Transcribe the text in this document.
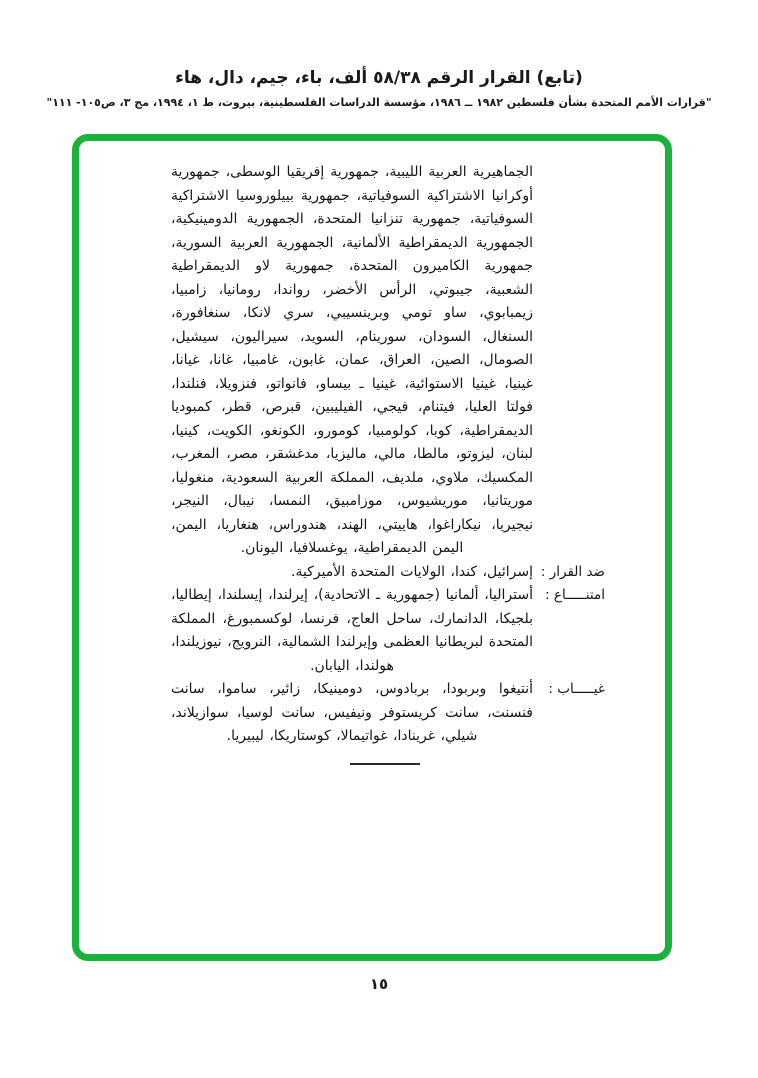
(تابع) القرار الرقم ٥٨/٣٨ ألف، باء، جيم، دال، هاء
"قرارات الأمم المتحدة بشأن فلسطين ١٩٨٢ ــ ١٩٨٦، مؤسسة الدراسات الفلسطينية، بيروت، ط ١، ١٩٩٤، مج ٣، ص١٠٥- ١١١"
الجماهيرية العربية الليبية، جمهورية إفريقيا الوسطى، جمهورية أوكرانيا الاشتراكية السوفياتية، جمهورية بييلوروسيا الاشتراكية السوفياتية، جمهورية تنزانيا المتحدة، الجمهورية الدومينيكية، الجمهورية الديمقراطية الألمانية، الجمهورية العربية السورية، جمهورية الكاميرون المتحدة، جمهورية لاو الديمقراطية الشعبية، جيبوتي، الرأس الأخضر، رواندا، رومانيا، زامبيا، زيمبابوي، ساو تومي وبرينسيبي، سري لانكا، سنغافورة، السنغال، السودان، سورينام، السويد، سيراليون، سيشيل، الصومال، الصين، العراق، عمان، غابون، غامبيا، غانا، غيانا، غينيا، غينيا الاستوائية، غينيا ـ بيساو، فانواتو، فنزويلا، فنلندا، فولتا العليا، فيتنام، فيجي، الفيليبين، قبرص، قطر، كمبوديا الديمقراطية، كوبا، كولومبيا، كومورو، الكونغو، الكويت، كينيا، لبنان، ليزوتو، مالطا، مالي، ماليزيا، مدغشقر، مصر، المغرب، المكسيك، ملاوي، ملديف، المملكة العربية السعودية، منغوليا، موريتانيا، موريشيوس، موزامبيق، النمسا، نيبال، النيجر، نيجيريا، نيكاراغوا، هاييتي، الهند، هندوراس، هنغاريا، اليمن، اليمن الديمقراطية، يوغسلافيا، اليونان.
ضد القرار :
إسرائيل، كندا، الولايات المتحدة الأميركية.
امتنـــــاع :
أستراليا، ألمانيا (جمهورية ـ الاتحادية)، إيرلندا، إيسلندا، إيطاليا، بلجيكا، الدانمارك، ساحل العاج، فرنسا، لوكسمبورغ، المملكة المتحدة لبريطانيا العظمى وإيرلندا الشمالية، النرويج، نيوزيلندا، هولندا، اليابان.
غيـــــاب :
أنتيغوا وبربودا، بربادوس، دومينيكا، زائير، ساموا، سانت فنسنت، سانت كريستوفر ونيفيس، سانت لوسيا، سوازيلاند، شيلي، غرينادا، غواتيمالا، كوستاريكا، ليبيريا.
١٥
